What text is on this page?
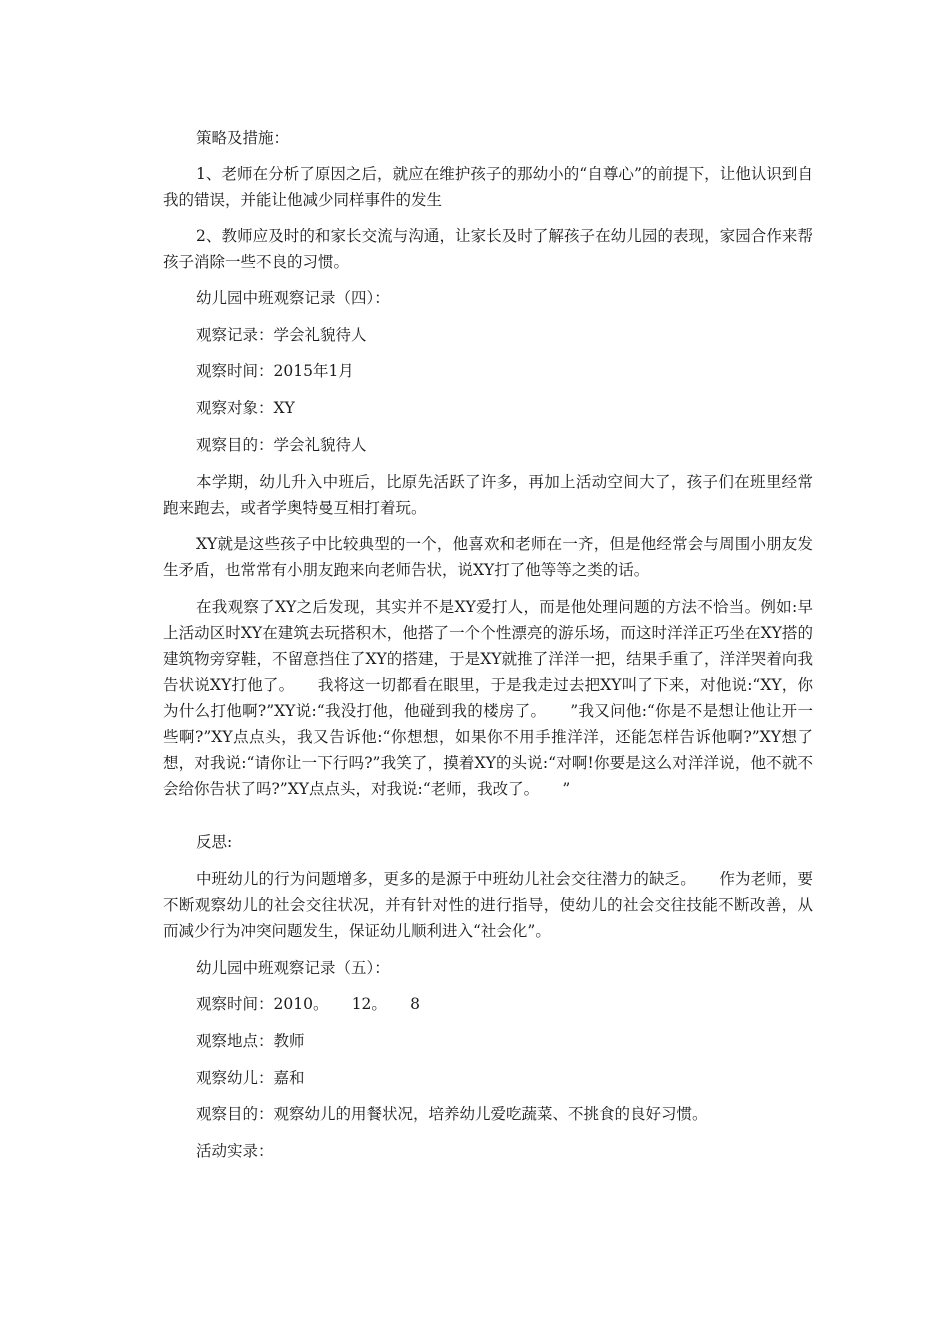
策略及措施：

1、老师在分析了原因之后，就应在维护孩子的那幼小的“自尊心”的前提下，让他认识到自我的错误，并能让他减少同样事件的发生

2、教师应及时的和家长交流与沟通，让家长及时了解孩子在幼儿园的表现，家园合作来帮孩子消除一些不良的习惯。

幼儿园中班观察记录（四）：

观察记录：学会礼貌待人

观察时间：2015年1月

观察对象：XY

观察目的：学会礼貌待人

本学期，幼儿升入中班后，比原先活跃了许多，再加上活动空间大了，孩子们在班里经常跑来跑去，或者学奥特曼互相打着玩。

XY就是这些孩子中比较典型的一个，他喜欢和老师在一齐，但是他经常会与周围小朋友发生矛盾，也常常有小朋友跑来向老师告状，说XY打了他等等之类的话。

在我观察了XY之后发现，其实并不是XY爱打人，而是他处理问题的方法不恰当。例如:早上活动区时XY在建筑去玩搭积木，他搭了一个个性漂亮的游乐场，而这时洋洋正巧坐在XY搭的建筑物旁穿鞋，不留意挡住了XY的搭建，于是XY就推了洋洋一把，结果手重了，洋洋哭着向我告状说XY打他了。　　我将这一切都看在眼里，于是我走过去把XY叫了下来，对他说:“XY，你为什么打他啊?”XY说:“我没打他，他碰到我的楼房了。　　”我又问他:“你是不是想让他让开一些啊?”XY点点头，我又告诉他:“你想想，如果你不用手推洋洋，还能怎样告诉他啊?”XY想了想，对我说:“请你让一下行吗?”我笑了，摸着XY的头说:“对啊!你要是这么对洋洋说，他不就不会给你告状了吗?”XY点点头，对我说:“老师，我改了。　　”

反思:

中班幼儿的行为问题增多，更多的是源于中班幼儿社会交往潜力的缺乏。　　作为老师，要不断观察幼儿的社会交往状况，并有针对性的进行指导，使幼儿的社会交往技能不断改善，从而减少行为冲突问题发生，保证幼儿顺利进入“社会化”。

幼儿园中班观察记录（五）：

观察时间：2010。　　12。　　8

观察地点：教师

观察幼儿：嘉和

观察目的：观察幼儿的用餐状况，培养幼儿爱吃蔬菜、不挑食的良好习惯。

活动实录：
